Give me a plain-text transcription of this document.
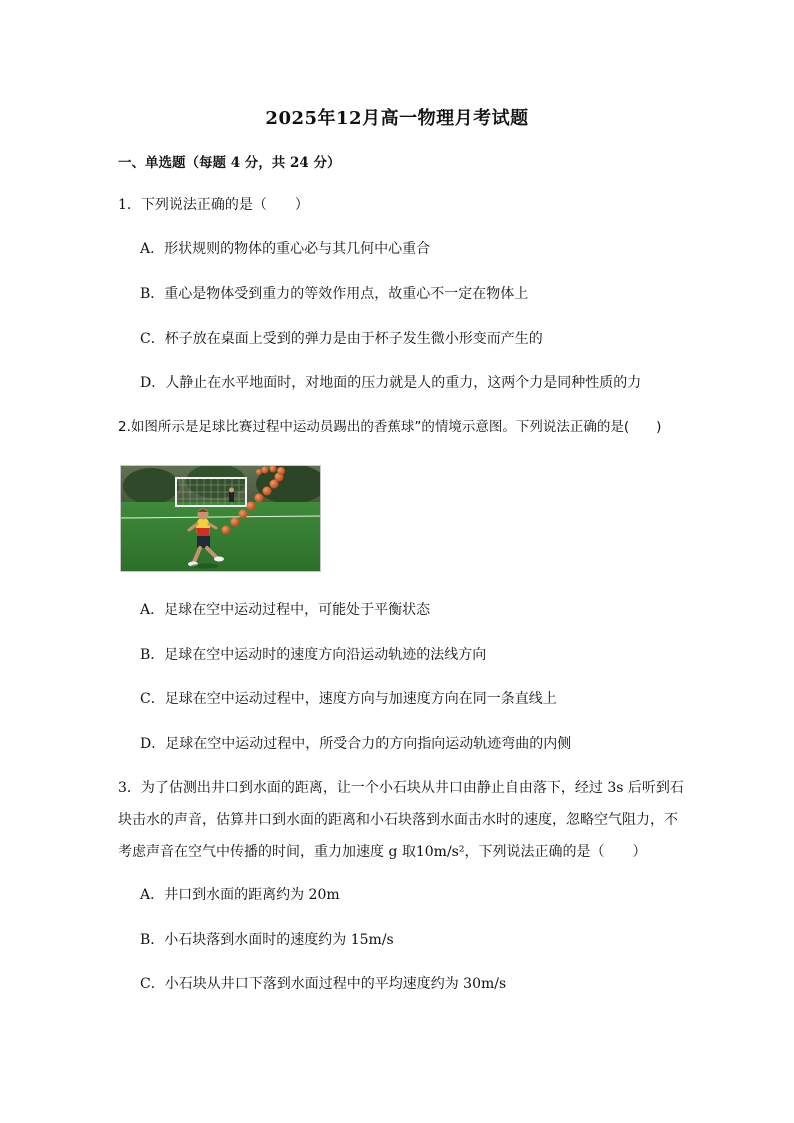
2025年12月高一物理月考试题
一、单选题（每题 4 分，共 24 分）
1．下列说法正确的是（　　）
A．形状规则的物体的重心必与其几何中心重合
B．重心是物体受到重力的等效作用点，故重心不一定在物体上
C．杯子放在桌面上受到的弹力是由于杯子发生微小形变而产生的
D．人静止在水平地面时，对地面的压力就是人的重力，这两个力是同种性质的力
2.如图所示是足球比赛过程中运动员踢出的香蕉球”的情境示意图。下列说法正确的是(　　)
A．足球在空中运动过程中，可能处于平衡状态
B．足球在空中运动时的速度方向沿运动轨迹的法线方向
C．足球在空中运动过程中，速度方向与加速度方向在同一条直线上
D．足球在空中运动过程中，所受合力的方向指向运动轨迹弯曲的内侧
3．为了估测出井口到水面的距离，让一个小石块从井口由静止自由落下，经过 3s 后听到石
块击水的声音，估算井口到水面的距离和小石块落到水面击水时的速度，忽略空气阻力，不
考虑声音在空气中传播的时间，重力加速度 g 取10m/s²，下列说法正确的是（　　）
A．井口到水面的距离约为 20m
B．小石块落到水面时的速度约为 15m/s
C．小石块从井口下落到水面过程中的平均速度约为 30m/s
